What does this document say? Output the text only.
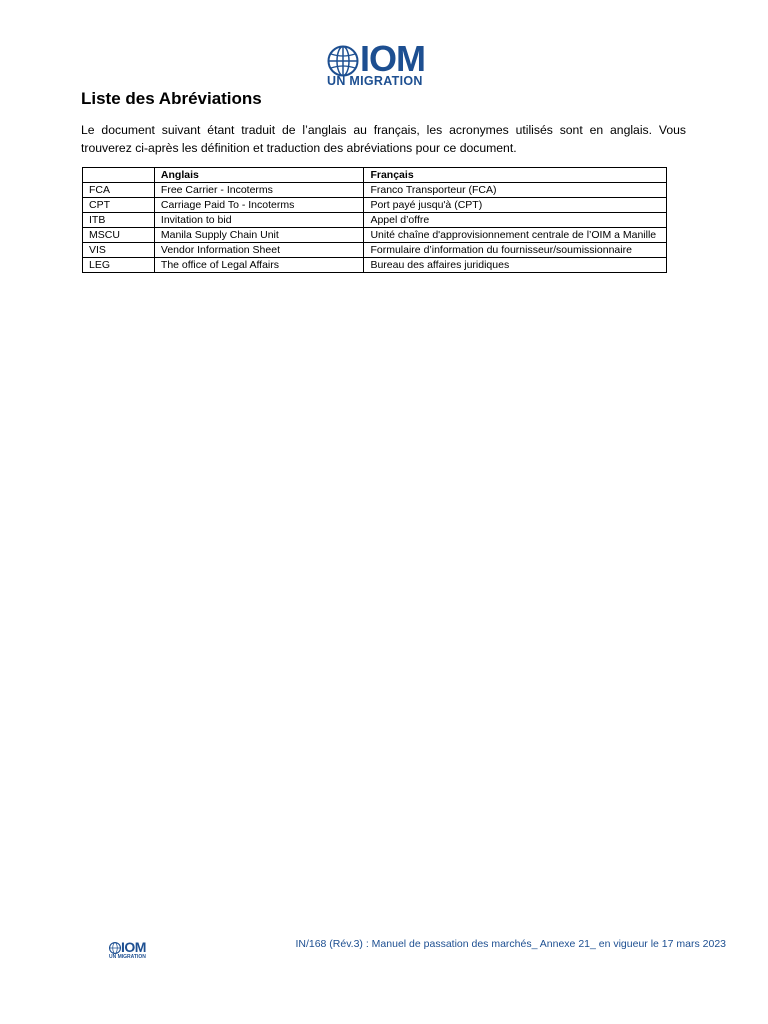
IOM
UN MIGRATION
Liste des Abréviations
Le document suivant étant traduit de l’anglais au français, les acronymes utilisés sont en anglais. Vous trouverez ci-après les définition et traduction des abréviations pour ce document.
	Anglais	Français
FCA	Free Carrier - Incoterms	Franco Transporteur (FCA)
CPT	Carriage Paid To - Incoterms	Port payé jusqu'à (CPT)
ITB	Invitation to bid	Appel d’offre
MSCU	Manila Supply Chain Unit	Unité chaîne d'approvisionnement centrale de l’OIM a Manille
VIS	Vendor Information Sheet	Formulaire d’information du fournisseur/soumissionnaire
LEG	The office of Legal Affairs	Bureau des affaires juridiques
IOM
UN MIGRATION
IN/168 (Rév.3) : Manuel de passation des marchés_ Annexe 21_ en vigueur le 17 mars 2023
